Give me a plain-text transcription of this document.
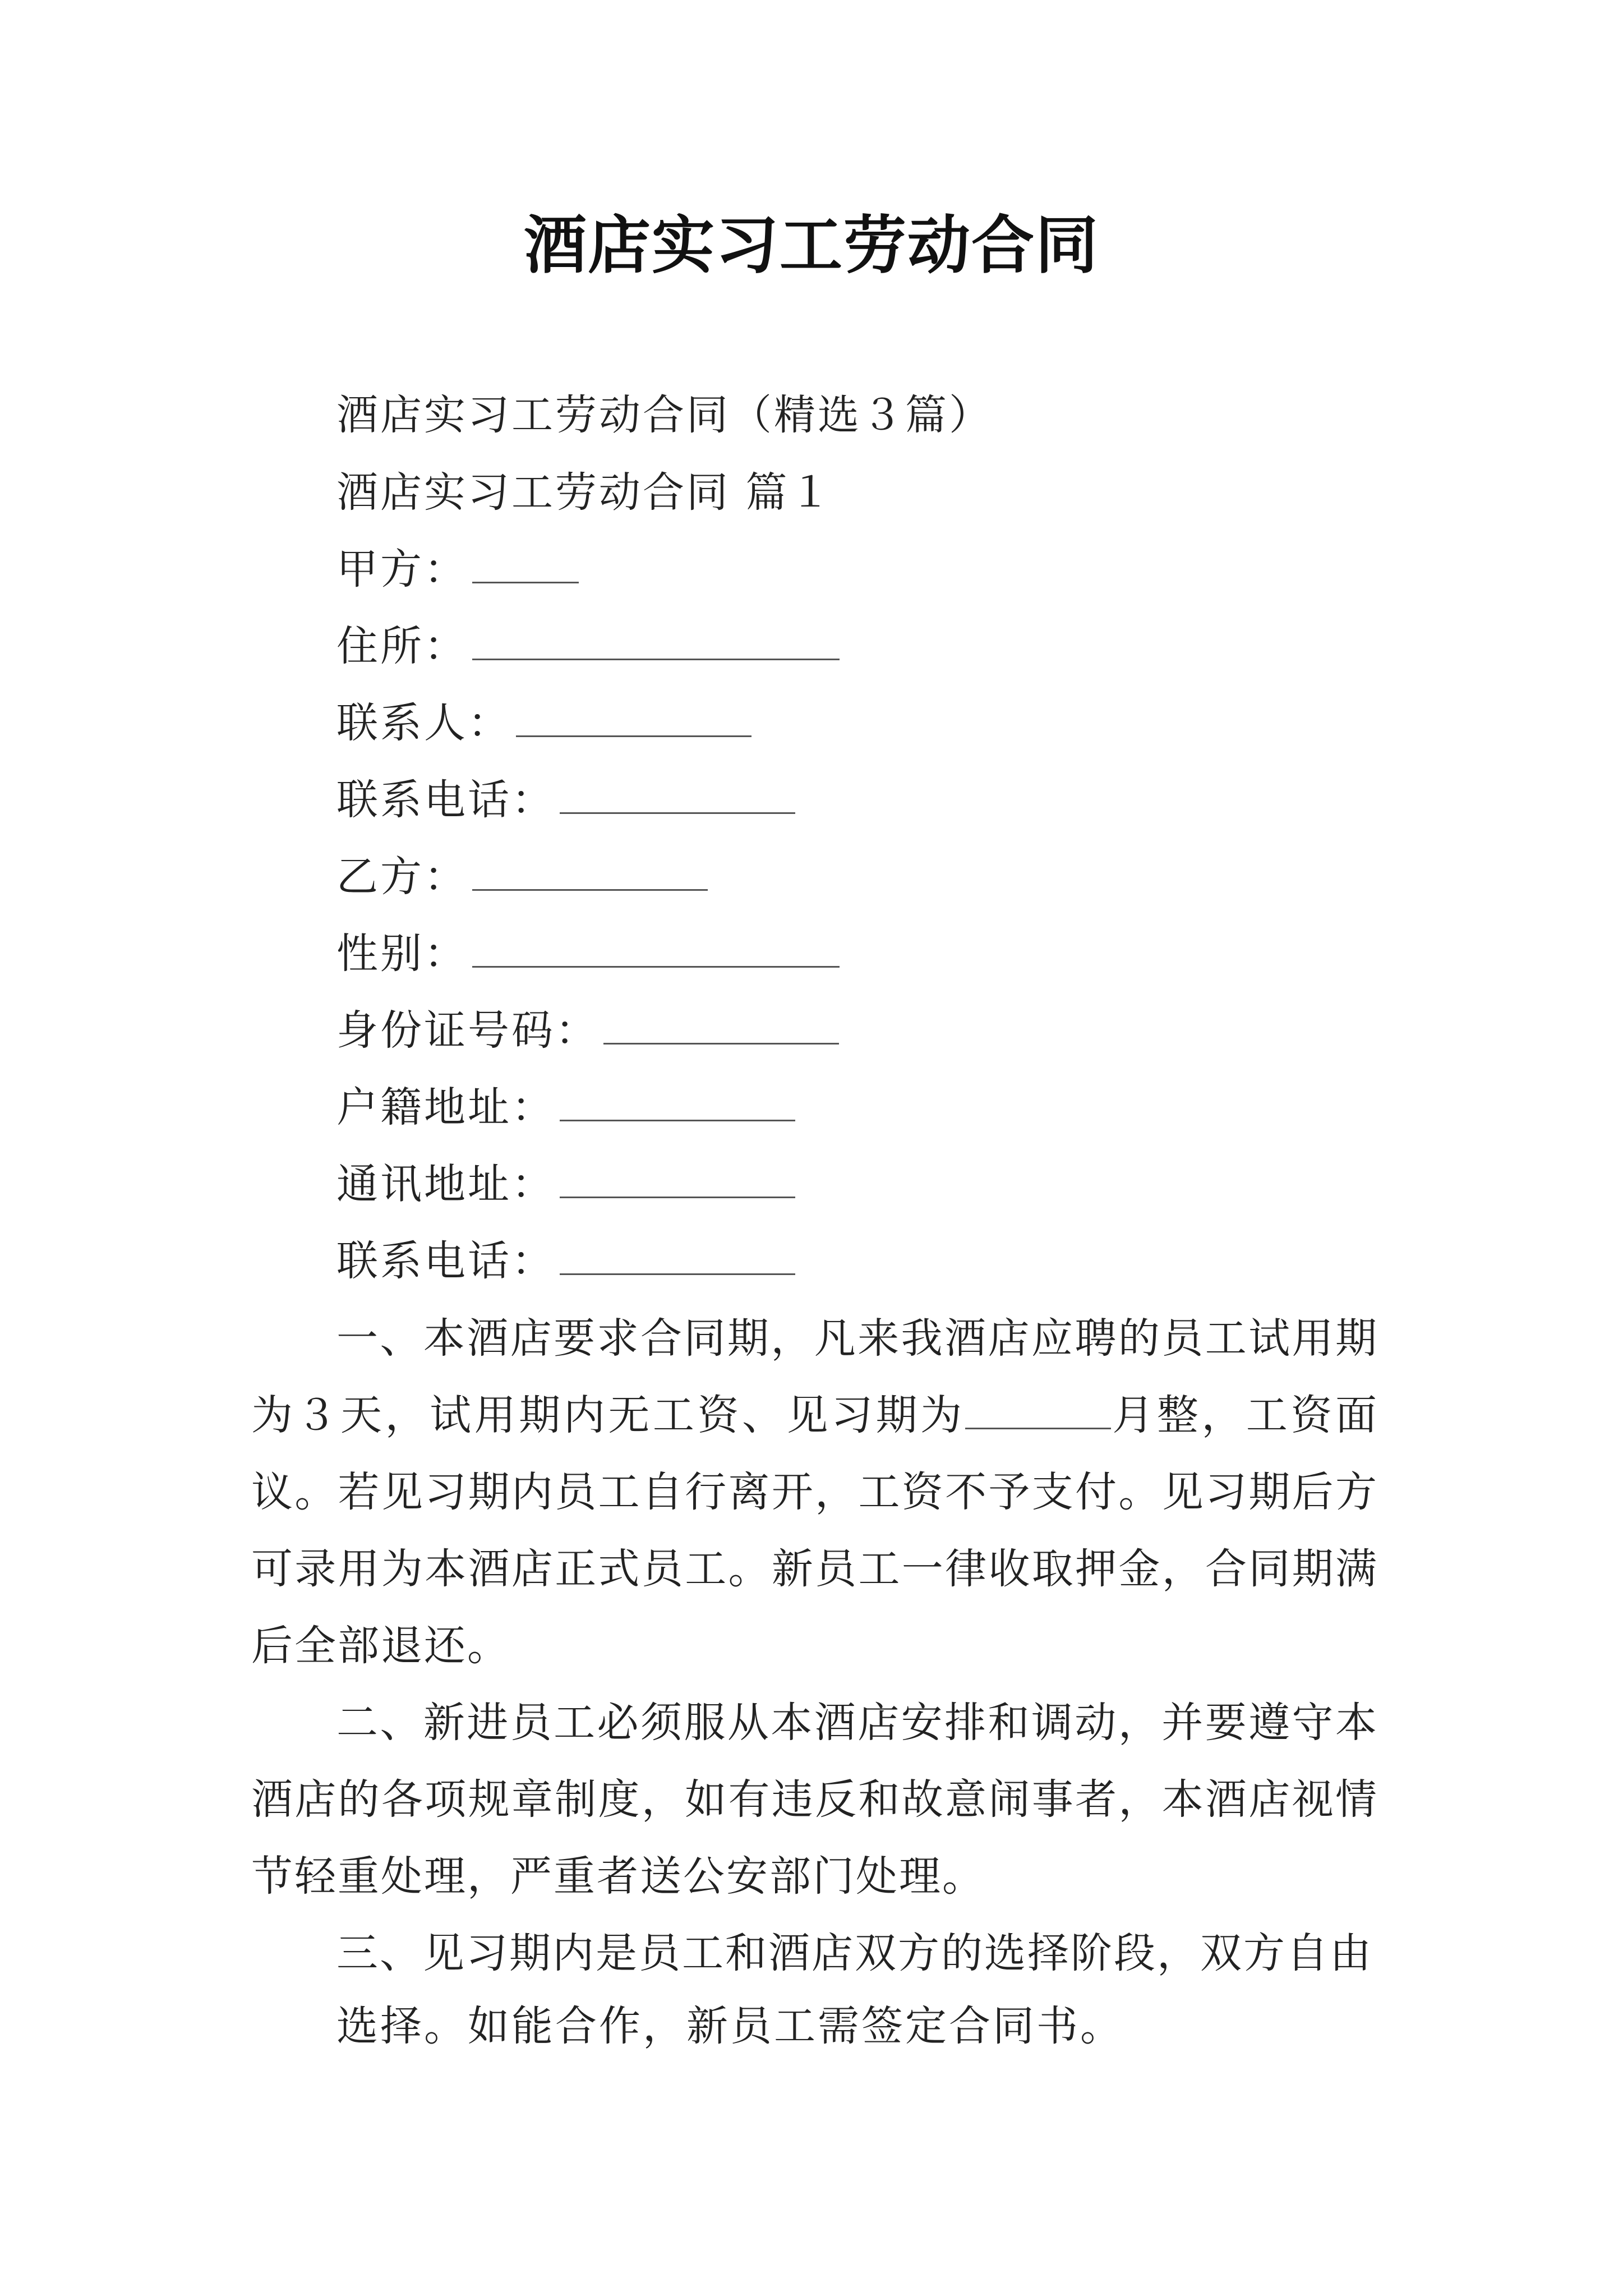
酒店实习工劳动合同
酒店实习工劳动合同（精选３篇）
酒店实习工劳动合同 篇１
甲方：
住所：
联系人：
联系电话：
乙方：
性别：
身份证号码：
户籍地址：
通讯地址：
联系电话：
一、本酒店要求合同期，凡来我酒店应聘的员工试用期为３天，试用期内无工资、见习期为	月整，工资面议。若见习期内员工自行离开，工资不予支付。见习期后方可录用为本酒店正式员工。新员工一律收取押金，合同期满后全部退还。
二、新进员工必须服从本酒店安排和调动，并要遵守本酒店的各项规章制度，如有违反和故意闹事者，本酒店视情节轻重处理，严重者送公安部门处理。
三、见习期内是员工和酒店双方的选择阶段，双方自由
选择。如能合作，新员工需签定合同书。
